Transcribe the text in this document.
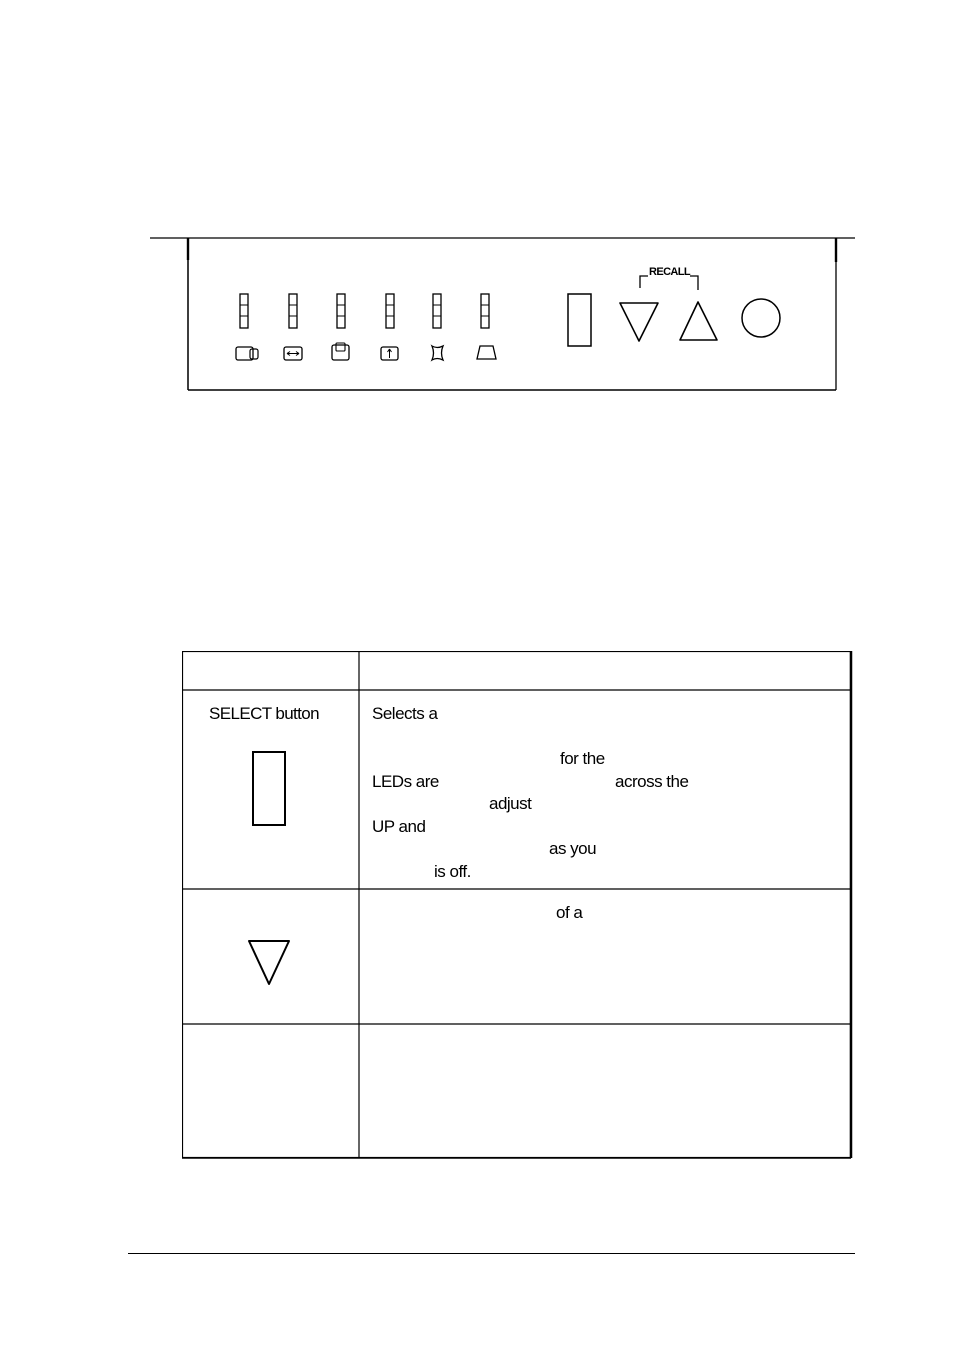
RECALL
SELECT button	Selects a
for the
LEDs are	across the
adjust
UP and
as you
is off.
of a
